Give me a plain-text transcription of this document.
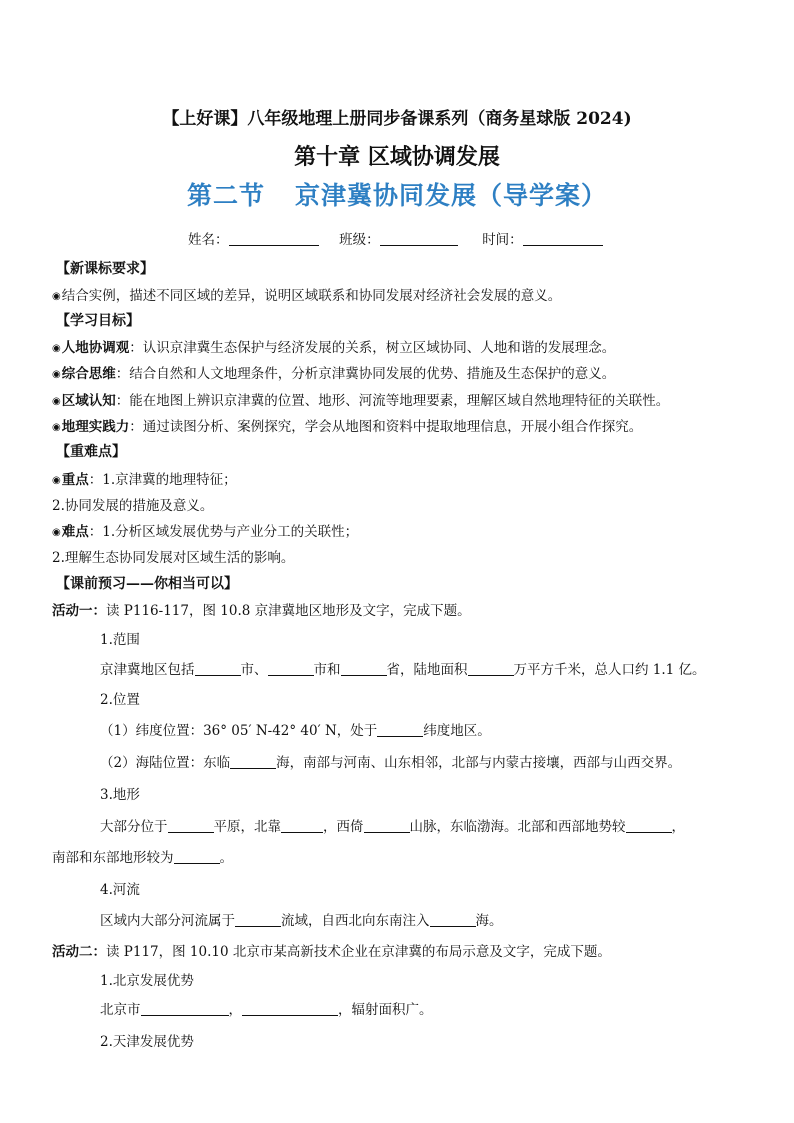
【上好课】八年级地理上册同步备课系列（商务星球版 2024)
第十章 区域协调发展
第二节 京津冀协同发展（导学案）
姓名：	班级：	时间：
【新课标要求】
◉结合实例，描述不同区域的差异，说明区域联系和协同发展对经济社会发展的意义。
【学习目标】
◉人地协调观：认识京津冀生态保护与经济发展的关系，树立区域协同、人地和谐的发展理念。
◉综合思维：结合自然和人文地理条件，分析京津冀协同发展的优势、措施及生态保护的意义。
◉区域认知：能在地图上辨识京津冀的位置、地形、河流等地理要素，理解区域自然地理特征的关联性。
◉地理实践力：通过读图分析、案例探究，学会从地图和资料中提取地理信息，开展小组合作探究。
【重难点】
◉重点：1.京津冀的地理特征；
2.协同发展的措施及意义。
◉难点：1.分析区域发展优势与产业分工的关联性；
2.理解生态协同发展对区域生活的影响。
【课前预习——你相当可以】
活动一：读 P116-117，图 10.8 京津冀地区地形及文字，完成下题。
1.范围
京津冀地区包括	市、	市和	省，陆地面积	万平方千米，总人口约 1.1 亿。
2.位置
（1）纬度位置：36° 05′ N-42° 40′ N，处于	纬度地区。
（2）海陆位置：东临	海，南部与河南、山东相邻，北部与内蒙古接壤，西部与山西交界。
3.地形
大部分位于	平原，北靠	，西倚	山脉，东临渤海。北部和西部地势较	，
南部和东部地形较为	。
4.河流
区域内大部分河流属于	流域，自西北向东南注入	海。
活动二：读 P117，图 10.10 北京市某高新技术企业在京津冀的布局示意及文字，完成下题。
1.北京发展优势
北京市	，	，辐射面积广。
2.天津发展优势
